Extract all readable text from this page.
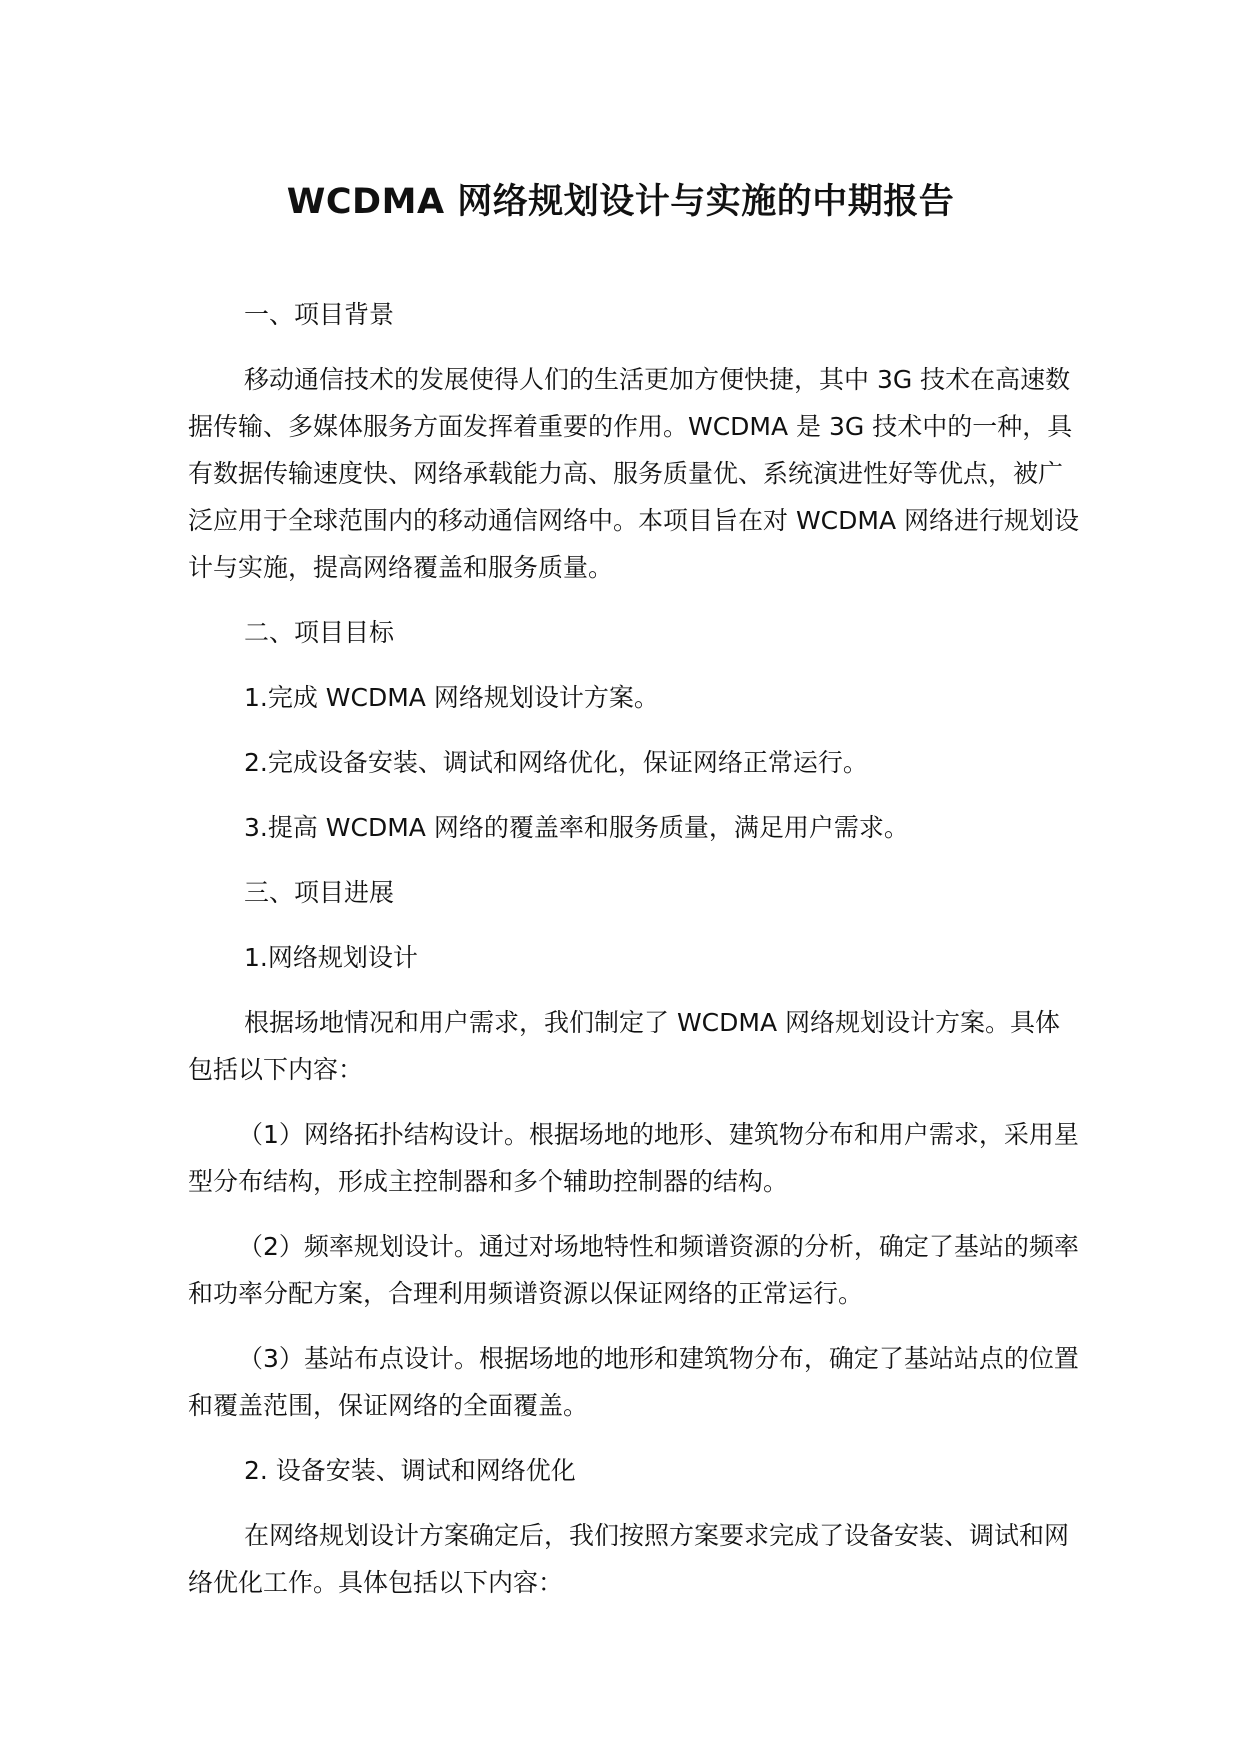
WCDMA 网络规划设计与实施的中期报告

一、项目背景

移动通信技术的发展使得人们的生活更加方便快捷，其中 3G 技术在高速数据传输、多媒体服务方面发挥着重要的作用。WCDMA 是 3G 技术中的一种，具有数据传输速度快、网络承载能力高、服务质量优、系统演进性好等优点，被广泛应用于全球范围内的移动通信网络中。本项目旨在对 WCDMA 网络进行规划设计与实施，提高网络覆盖和服务质量。

二、项目目标

1.完成 WCDMA 网络规划设计方案。

2.完成设备安装、调试和网络优化，保证网络正常运行。

3.提高 WCDMA 网络的覆盖率和服务质量，满足用户需求。

三、项目进展

1.网络规划设计

根据场地情况和用户需求，我们制定了 WCDMA 网络规划设计方案。具体包括以下内容：

（1）网络拓扑结构设计。根据场地的地形、建筑物分布和用户需求，采用星型分布结构，形成主控制器和多个辅助控制器的结构。

（2）频率规划设计。通过对场地特性和频谱资源的分析，确定了基站的频率和功率分配方案，合理利用频谱资源以保证网络的正常运行。

（3）基站布点设计。根据场地的地形和建筑物分布，确定了基站站点的位置和覆盖范围，保证网络的全面覆盖。

2. 设备安装、调试和网络优化

在网络规划设计方案确定后，我们按照方案要求完成了设备安装、调试和网络优化工作。具体包括以下内容：
